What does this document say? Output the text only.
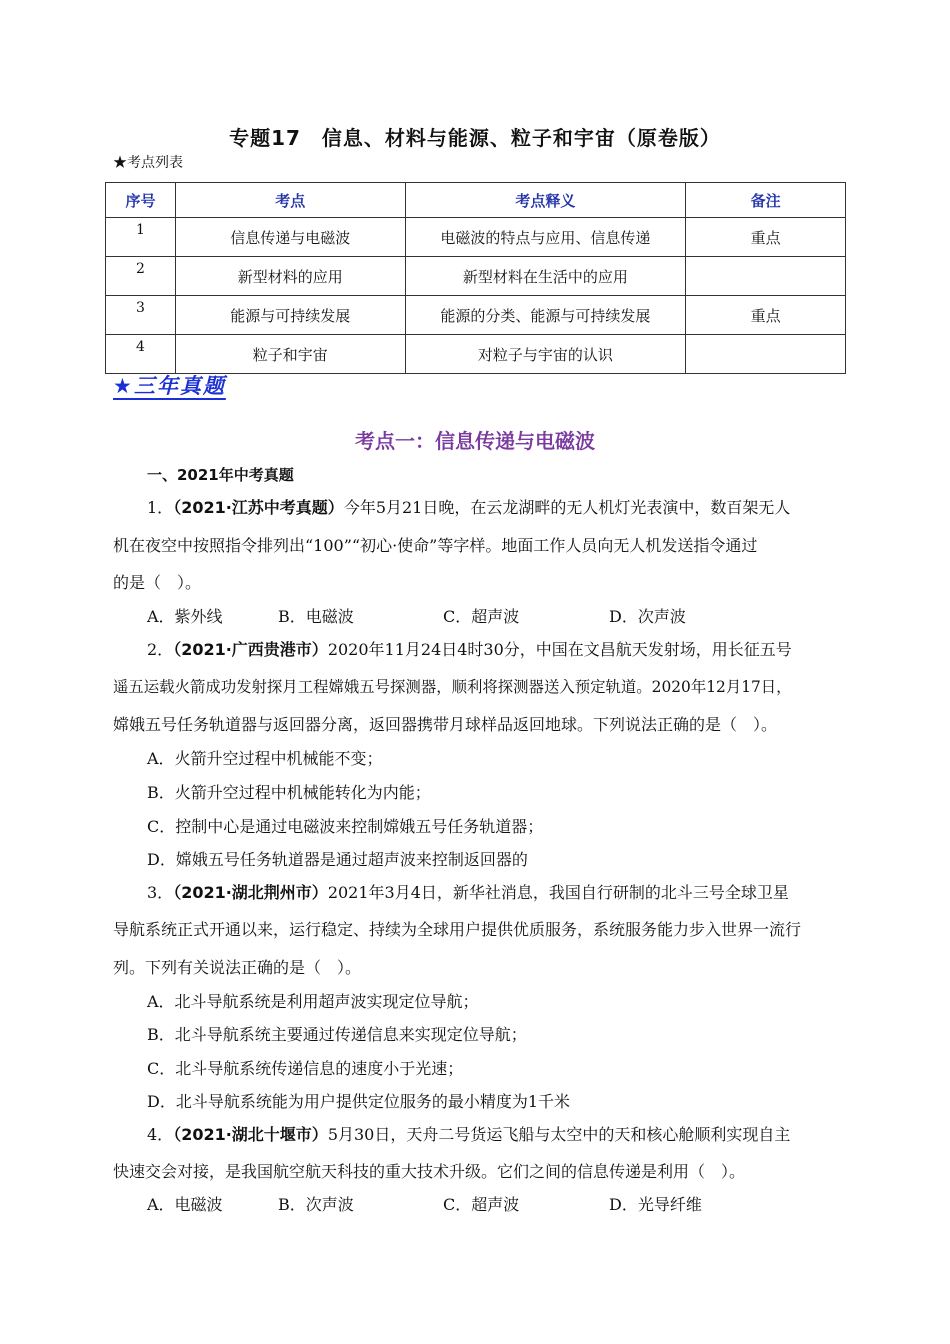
专题17　信息、材料与能源、粒子和宇宙（原卷版）
★考点列表
序号	考点	考点释义	备注
1	信息传递与电磁波	电磁波的特点与应用、信息传递	重点
2	新型材料的应用	新型材料在生活中的应用	
3	能源与可持续发展	能源的分类、能源与可持续发展	重点
4	粒子和宇宙	对粒子与宇宙的认识	
★三年真题
考点一：信息传递与电磁波
一、2021年中考真题
1．（2021·江苏中考真题）今年5月21日晚，在云龙湖畔的无人机灯光表演中，数百架无人
机在夜空中按照指令排列出“100”“初心·使命”等字样。地面工作人员向无人机发送指令通过
的是（　）。
A．紫外线	B．电磁波	C．超声波	D．次声波
2．（2021·广西贵港市）2020年11月24日4时30分，中国在文昌航天发射场，用长征五号
遥五运载火箭成功发射探月工程嫦娥五号探测器，顺利将探测器送入预定轨道。2020年12月17日，
嫦娥五号任务轨道器与返回器分离，返回器携带月球样品返回地球。下列说法正确的是（　）。
A．火箭升空过程中机械能不变；
B．火箭升空过程中机械能转化为内能；
C．控制中心是通过电磁波来控制嫦娥五号任务轨道器；
D．嫦娥五号任务轨道器是通过超声波来控制返回器的
3．（2021·湖北荆州市）2021年3月4日，新华社消息，我国自行研制的北斗三号全球卫星
导航系统正式开通以来，运行稳定、持续为全球用户提供优质服务，系统服务能力步入世界一流行
列。下列有关说法正确的是（　）。
A．北斗导航系统是利用超声波实现定位导航；
B．北斗导航系统主要通过传递信息来实现定位导航；
C．北斗导航系统传递信息的速度小于光速；
D．北斗导航系统能为用户提供定位服务的最小精度为1千米
4．（2021·湖北十堰市）5月30日，天舟二号货运飞船与太空中的天和核心舱顺利实现自主
快速交会对接，是我国航空航天科技的重大技术升级。它们之间的信息传递是利用（　）。
A．电磁波	B．次声波	C．超声波	D．光导纤维
